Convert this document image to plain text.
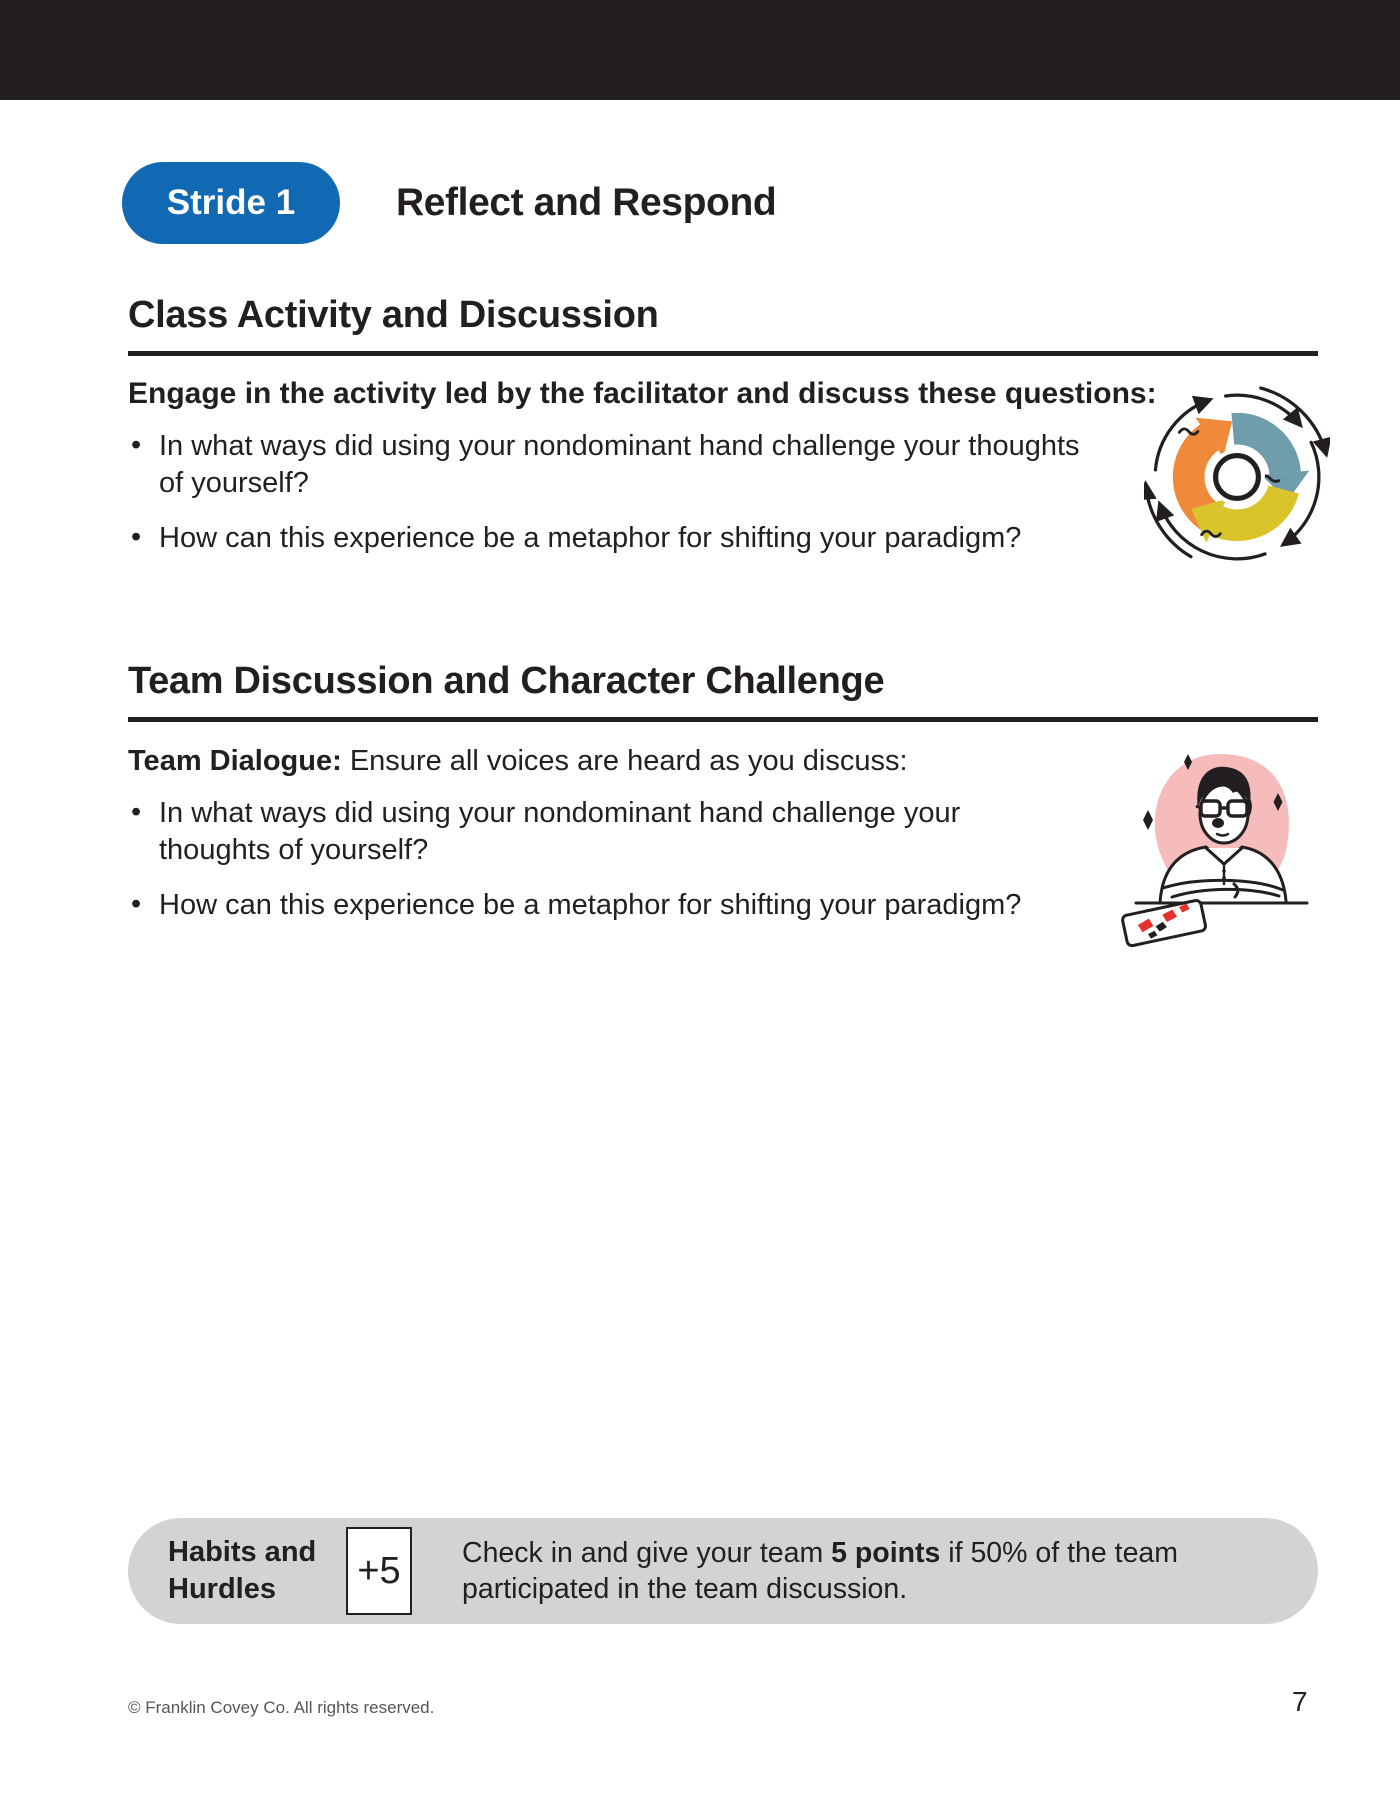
Stride 1	Reflect and Respond
Class Activity and Discussion

Engage in the activity led by the facilitator and discuss these questions:

• In what ways did using your nondominant hand challenge your thoughts
of yourself?
• How can this experience be a metaphor for shifting your paradigm?
Team Discussion and Character Challenge

Team Dialogue: Ensure all voices are heard as you discuss:

• In what ways did using your nondominant hand challenge your
thoughts of yourself?
• How can this experience be a metaphor for shifting your paradigm?
Habits and
Hurdles	+5 Check in and give your team 5 points if 50% of the team participated in the team discussion.

© Franklin Covey Co. All rights reserved.	7
